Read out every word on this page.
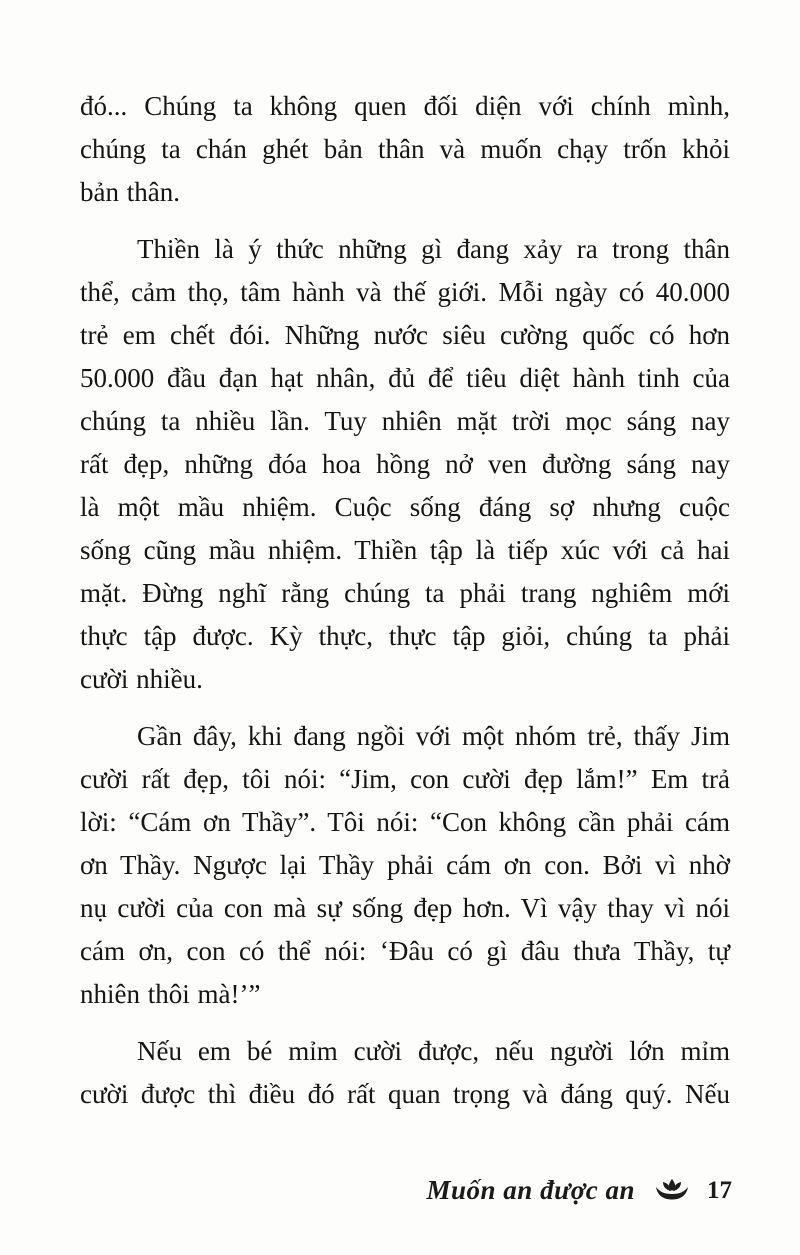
đó... Chúng ta không quen đối diện với chính mình,
chúng ta chán ghét bản thân và muốn chạy trốn khỏi
bản thân.
Thiền là ý thức những gì đang xảy ra trong thân
thể, cảm thọ, tâm hành và thế giới. Mỗi ngày có 40.000
trẻ em chết đói. Những nước siêu cường quốc có hơn
50.000 đầu đạn hạt nhân, đủ để tiêu diệt hành tinh của
chúng ta nhiều lần. Tuy nhiên mặt trời mọc sáng nay
rất đẹp, những đóa hoa hồng nở ven đường sáng nay
là một mầu nhiệm. Cuộc sống đáng sợ nhưng cuộc
sống cũng mầu nhiệm. Thiền tập là tiếp xúc với cả hai
mặt. Đừng nghĩ rằng chúng ta phải trang nghiêm mới
thực tập được. Kỳ thực, thực tập giỏi, chúng ta phải
cười nhiều.
Gần đây, khi đang ngồi với một nhóm trẻ, thấy Jim
cười rất đẹp, tôi nói: “Jim, con cười đẹp lắm!” Em trả
lời: “Cám ơn Thầy”. Tôi nói: “Con không cần phải cám
ơn Thầy. Ngược lại Thầy phải cám ơn con. Bởi vì nhờ
nụ cười của con mà sự sống đẹp hơn. Vì vậy thay vì nói
cám ơn, con có thể nói: ‘Đâu có gì đâu thưa Thầy, tự
nhiên thôi mà!’”
Nếu em bé mỉm cười được, nếu người lớn mỉm
cười được thì điều đó rất quan trọng và đáng quý. Nếu
Muốn an được an	17
